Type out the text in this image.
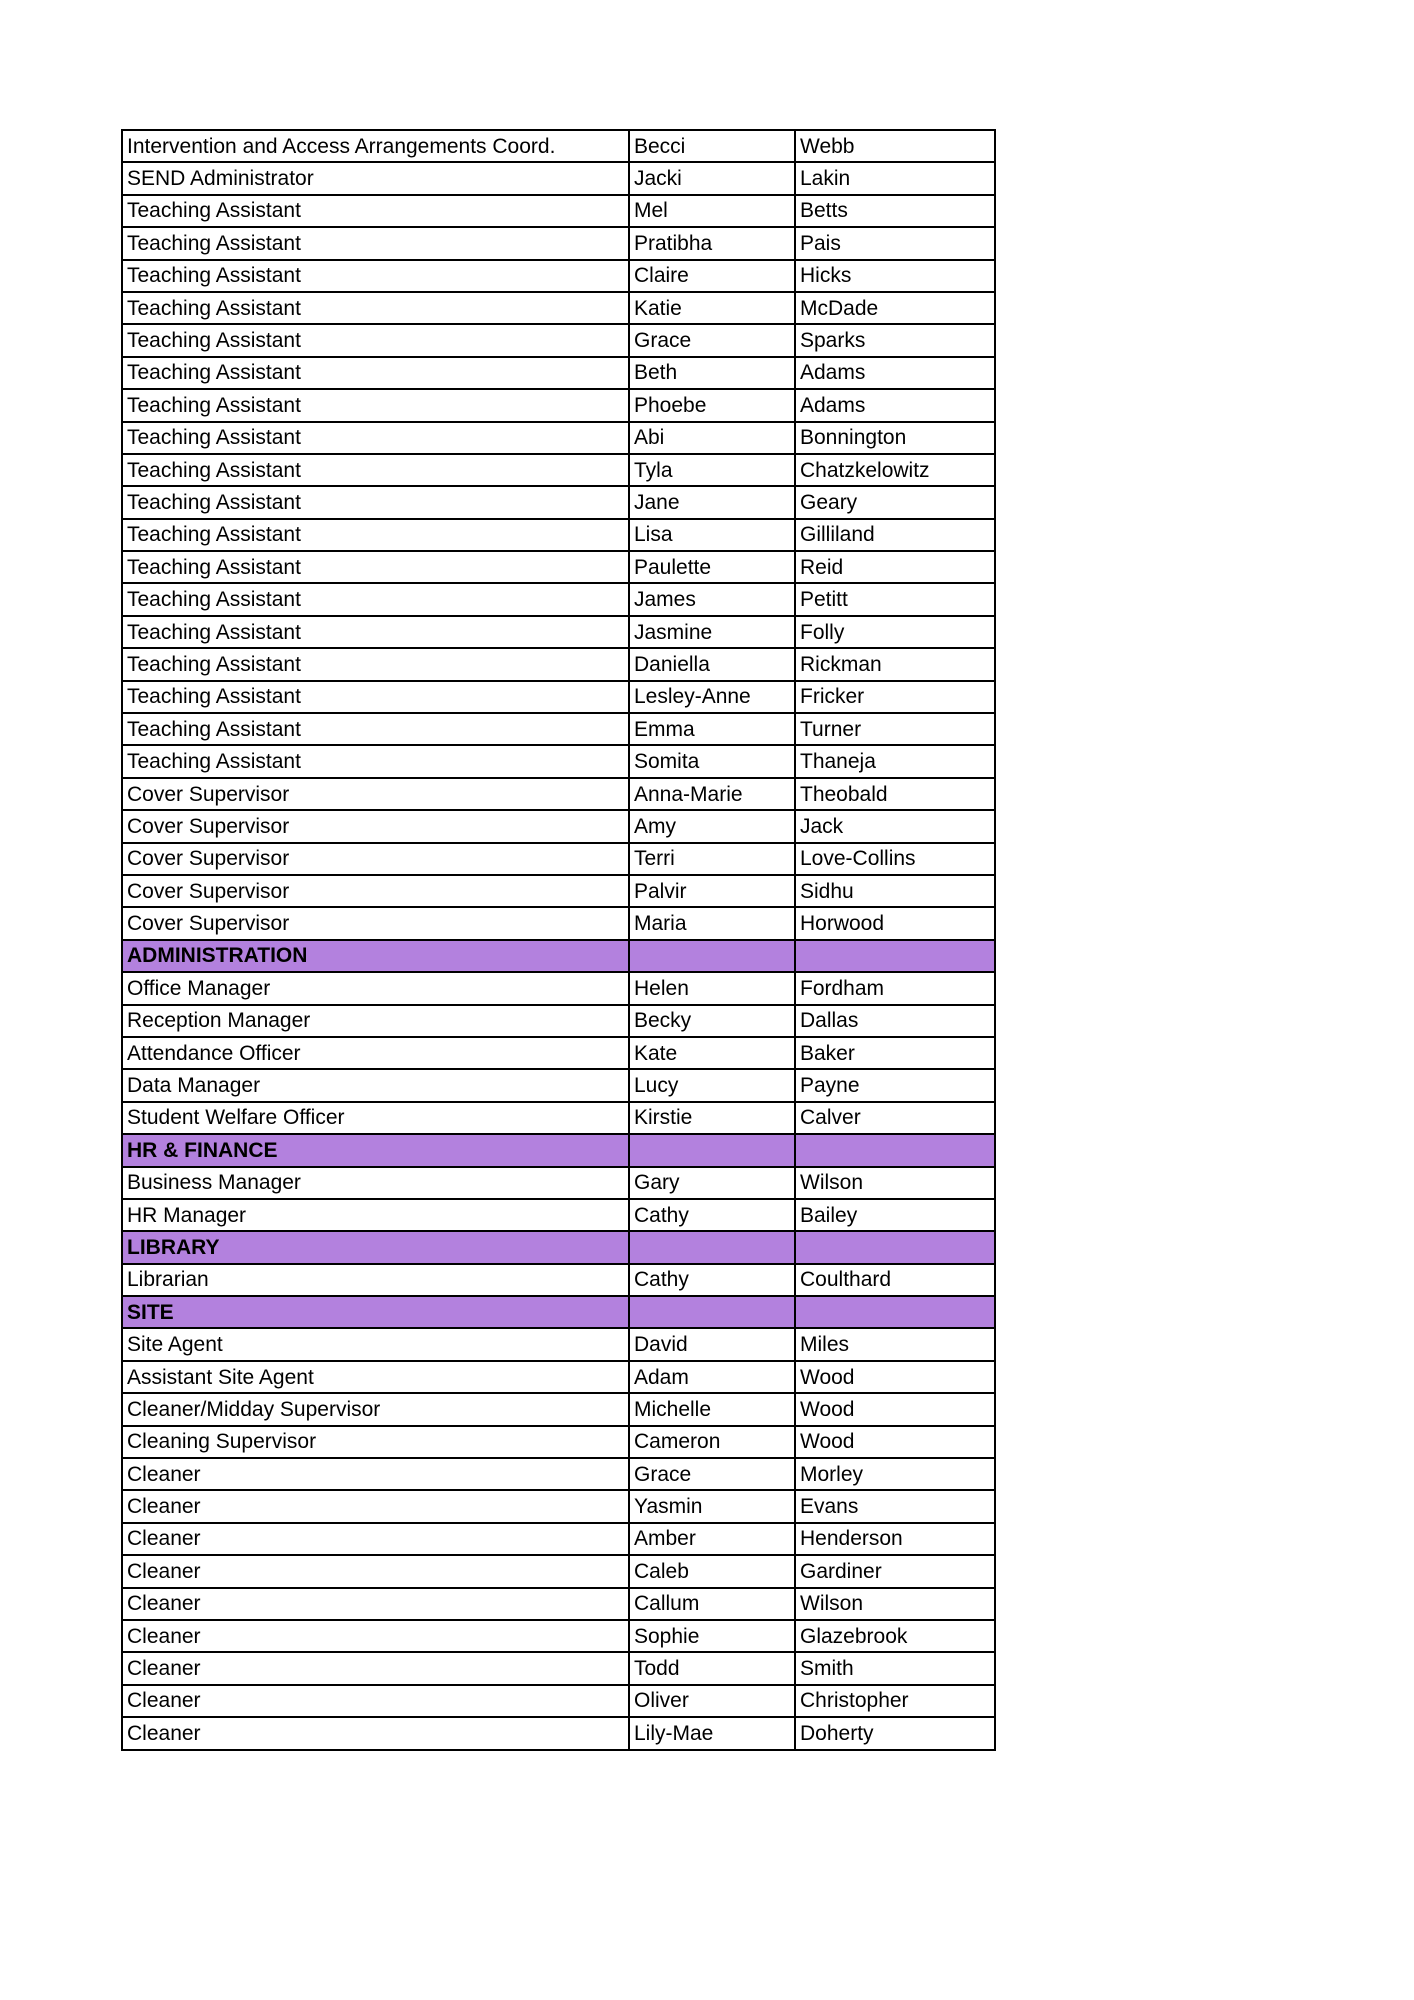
Intervention and Access Arrangements Coord.	Becci	Webb
SEND Administrator	Jacki	Lakin
Teaching Assistant	Mel	Betts
Teaching Assistant	Pratibha	Pais
Teaching Assistant	Claire	Hicks
Teaching Assistant	Katie	McDade
Teaching Assistant	Grace	Sparks
Teaching Assistant	Beth	Adams
Teaching Assistant	Phoebe	Adams
Teaching Assistant	Abi	Bonnington
Teaching Assistant	Tyla	Chatzkelowitz
Teaching Assistant	Jane	Geary
Teaching Assistant	Lisa	Gilliland
Teaching Assistant	Paulette	Reid
Teaching Assistant	James	Petitt
Teaching Assistant	Jasmine	Folly
Teaching Assistant	Daniella	Rickman
Teaching Assistant	Lesley-Anne	Fricker
Teaching Assistant	Emma	Turner
Teaching Assistant	Somita	Thaneja
Cover Supervisor	Anna-Marie	Theobald
Cover Supervisor	Amy	Jack
Cover Supervisor	Terri	Love-Collins
Cover Supervisor	Palvir	Sidhu
Cover Supervisor	Maria	Horwood
ADMINISTRATION		
Office Manager	Helen	Fordham
Reception Manager	Becky	Dallas
Attendance Officer	Kate	Baker
Data Manager	Lucy	Payne
Student Welfare Officer	Kirstie	Calver
HR & FINANCE		
Business Manager	Gary	Wilson
HR Manager	Cathy	Bailey
LIBRARY		
Librarian	Cathy	Coulthard
SITE		
Site Agent	David	Miles
Assistant Site Agent	Adam	Wood
Cleaner/Midday Supervisor	Michelle	Wood
Cleaning Supervisor	Cameron	Wood
Cleaner	Grace	Morley
Cleaner	Yasmin	Evans
Cleaner	Amber	Henderson
Cleaner	Caleb	Gardiner
Cleaner	Callum	Wilson
Cleaner	Sophie	Glazebrook
Cleaner	Todd	Smith
Cleaner	Oliver	Christopher
Cleaner	Lily-Mae	Doherty
